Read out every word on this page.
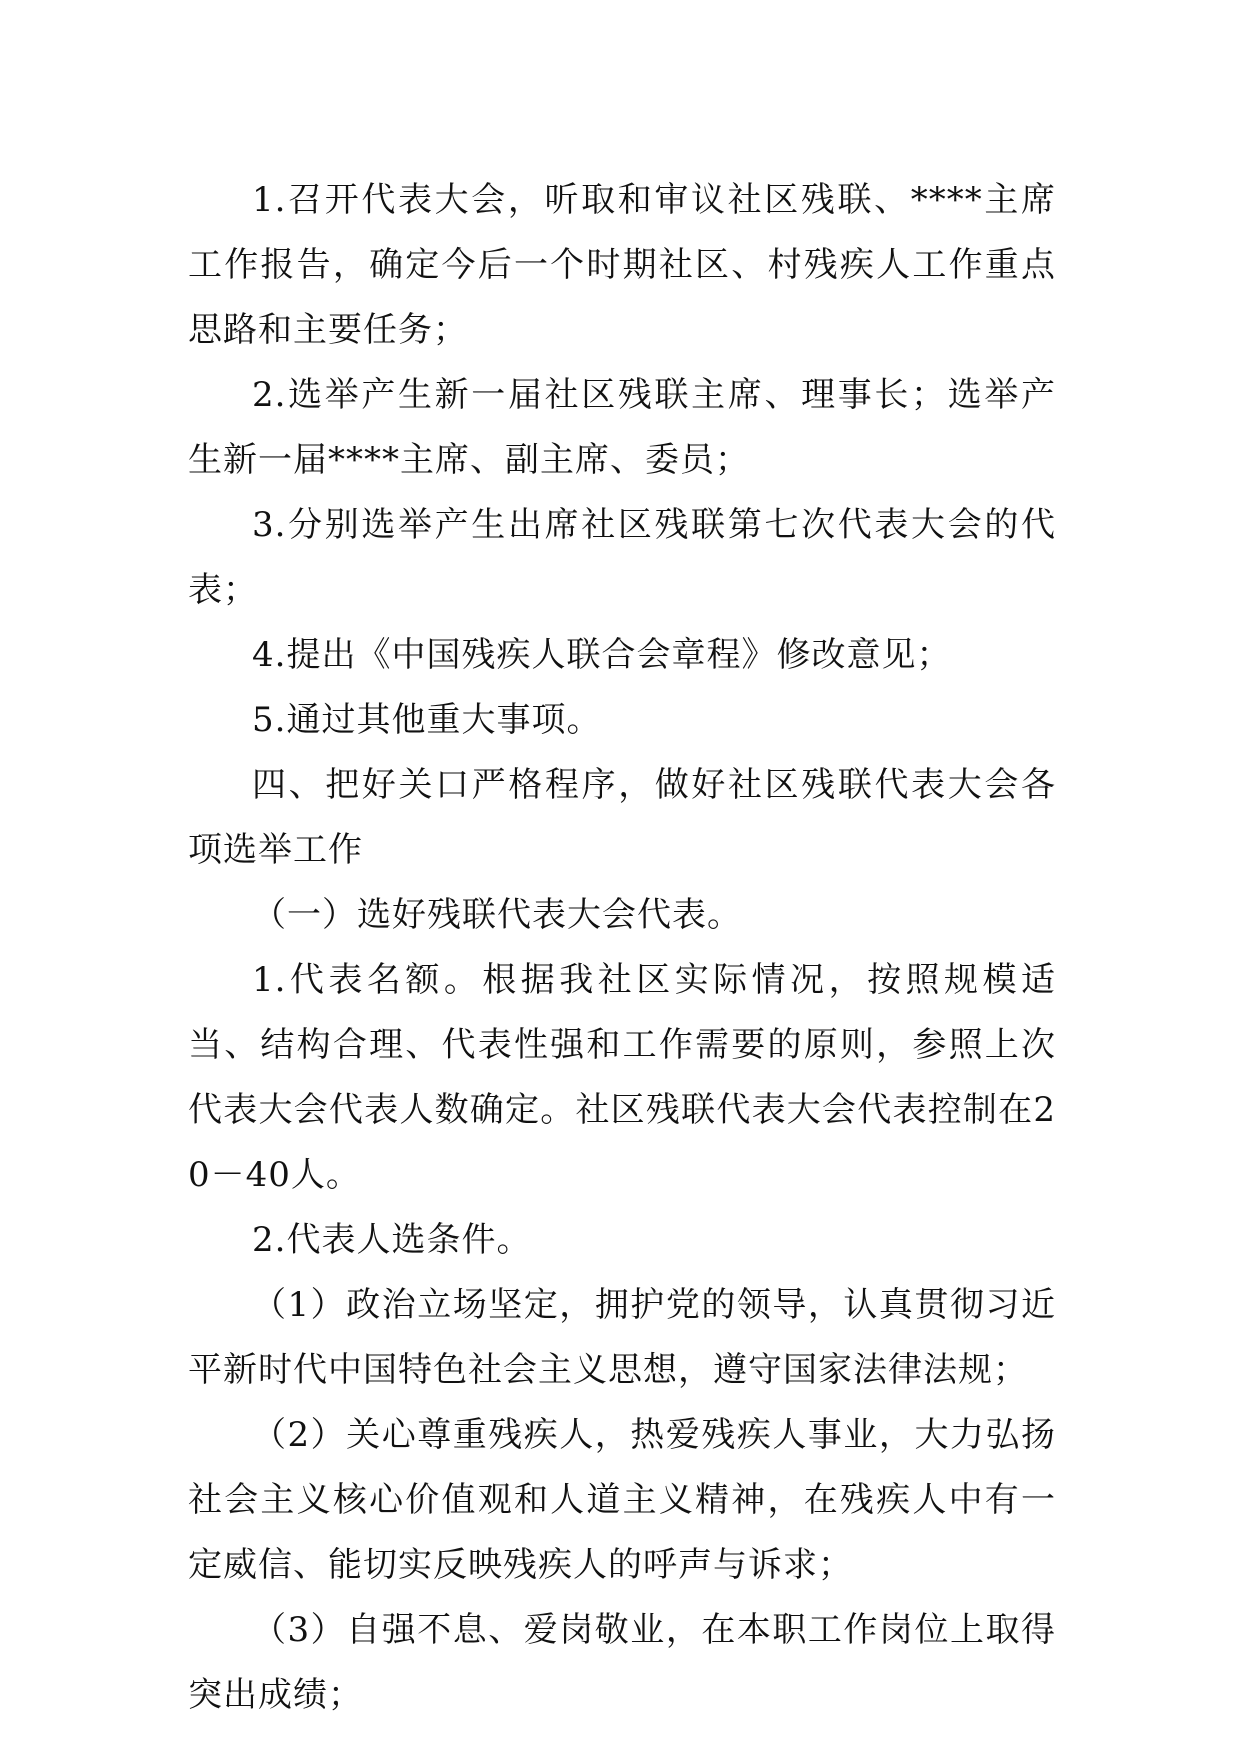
1.召开代表大会，听取和审议社区残联、****主席工作报告，确定今后一个时期社区、村残疾人工作重点思路和主要任务；

2.选举产生新一届社区残联主席、理事长；选举产生新一届****主席、副主席、委员；

3.分别选举产生出席社区残联第七次代表大会的代表；

4.提出《中国残疾人联合会章程》修改意见；

5.通过其他重大事项。

四、把好关口严格程序，做好社区残联代表大会各项选举工作

（一）选好残联代表大会代表。

1.代表名额。根据我社区实际情况，按照规模适当、结构合理、代表性强和工作需要的原则，参照上次代表大会代表人数确定。社区残联代表大会代表控制在20－40人。

2.代表人选条件。

（1）政治立场坚定，拥护党的领导，认真贯彻习近平新时代中国特色社会主义思想，遵守国家法律法规；

（2）关心尊重残疾人，热爱残疾人事业，大力弘扬社会主义核心价值观和人道主义精神，在残疾人中有一定威信、能切实反映残疾人的呼声与诉求；

（3）自强不息、爱岗敬业，在本职工作岗位上取得突出成绩；
